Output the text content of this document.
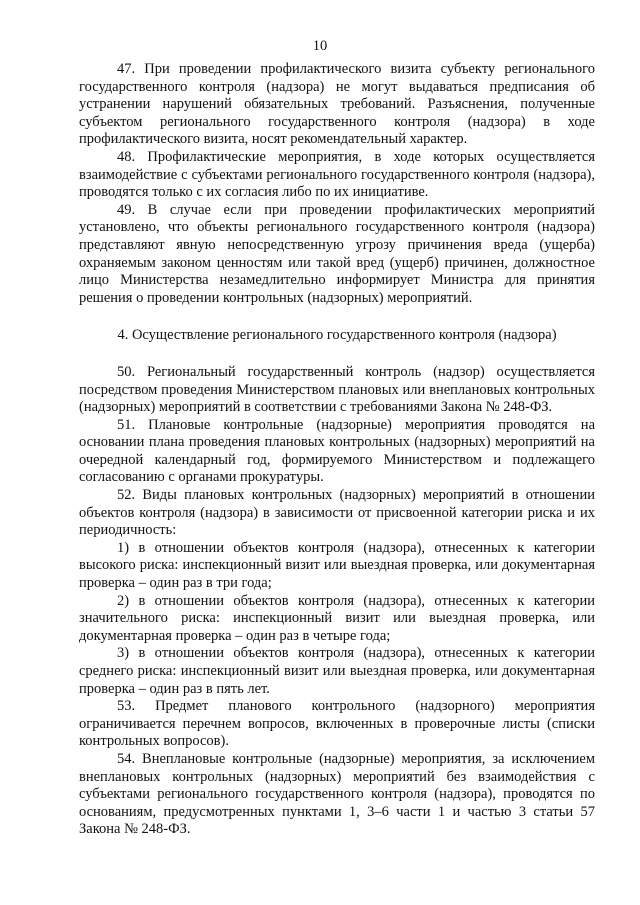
10

47. При проведении профилактического визита субъекту регионального государственного контроля (надзора) не могут выдаваться предписания об устранении нарушений обязательных требований. Разъяснения, полученные субъектом регионального государственного контроля (надзора) в ходе профилактического визита, носят рекомендательный характер.

48. Профилактические мероприятия, в ходе которых осуществляется взаимодействие с субъектами регионального государственного контроля (надзора), проводятся только с их согласия либо по их инициативе.

49. В случае если при проведении профилактических мероприятий установлено, что объекты регионального государственного контроля (надзора) представляют явную непосредственную угрозу причинения вреда (ущерба) охраняемым законом ценностям или такой вред (ущерб) причинен, должностное лицо Министерства незамедлительно информирует Министра для принятия решения о проведении контрольных (надзорных) мероприятий.

4. Осуществление регионального государственного контроля (надзора)

50. Региональный государственный контроль (надзор) осуществляется посредством проведения Министерством плановых или внеплановых контрольных (надзорных) мероприятий в соответствии с требованиями Закона № 248-ФЗ.

51. Плановые контрольные (надзорные) мероприятия проводятся на основании плана проведения плановых контрольных (надзорных) мероприятий на очередной календарный год, формируемого Министерством и подлежащего согласованию с органами прокуратуры.

52. Виды плановых контрольных (надзорных) мероприятий в отношении объектов контроля (надзора) в зависимости от присвоенной категории риска и их периодичность:

1) в отношении объектов контроля (надзора), отнесенных к категории высокого риска: инспекционный визит или выездная проверка, или документарная проверка – один раз в три года;

2) в отношении объектов контроля (надзора), отнесенных к категории значительного риска: инспекционный визит или выездная проверка, или документарная проверка – один раз в четыре года;

3) в отношении объектов контроля (надзора), отнесенных к категории среднего риска: инспекционный визит или выездная проверка, или документарная проверка – один раз в пять лет.

53. Предмет планового контрольного (надзорного) мероприятия ограничивается перечнем вопросов, включенных в проверочные листы (списки контрольных вопросов).

54. Внеплановые контрольные (надзорные) мероприятия, за исключением внеплановых контрольных (надзорных) мероприятий без взаимодействия с субъектами регионального государственного контроля (надзора), проводятся по основаниям, предусмотренных пунктами 1, 3–6 части 1 и частью 3 статьи 57 Закона № 248-ФЗ.
